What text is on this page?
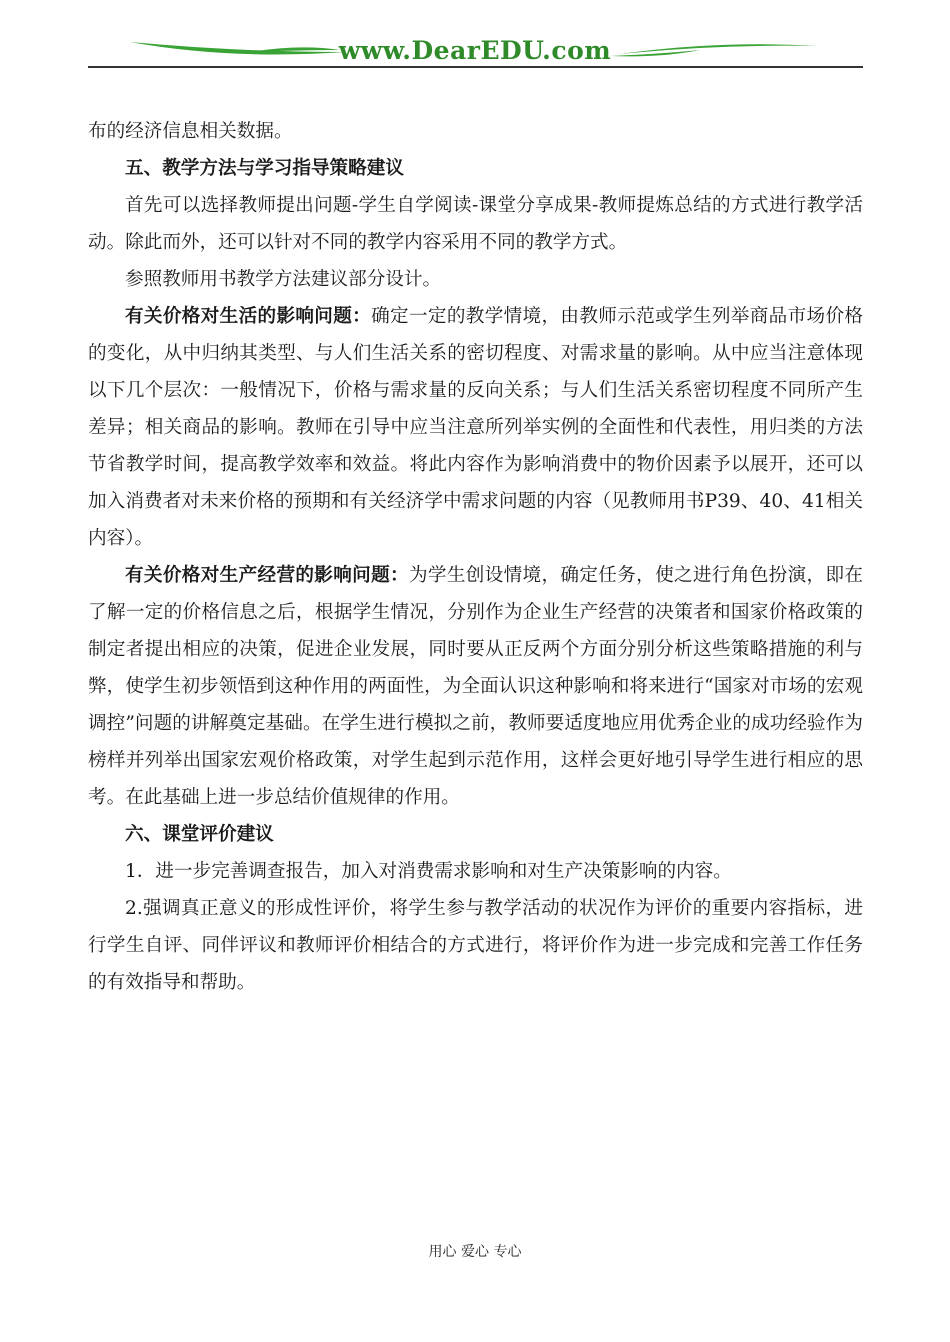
www.DearEDU.com

布的经济信息相关数据。

五、教学方法与学习指导策略建议

首先可以选择教师提出问题-学生自学阅读-课堂分享成果-教师提炼总结的方式进行教学活动。除此而外，还可以针对不同的教学内容采用不同的教学方式。

参照教师用书教学方法建议部分设计。

有关价格对生活的影响问题：确定一定的教学情境，由教师示范或学生列举商品市场价格的变化，从中归纳其类型、与人们生活关系的密切程度、对需求量的影响。从中应当注意体现以下几个层次：一般情况下，价格与需求量的反向关系；与人们生活关系密切程度不同所产生差异；相关商品的影响。教师在引导中应当注意所列举实例的全面性和代表性，用归类的方法节省教学时间，提高教学效率和效益。将此内容作为影响消费中的物价因素予以展开，还可以加入消费者对未来价格的预期和有关经济学中需求问题的内容（见教师用书P39、40、41相关内容）。

有关价格对生产经营的影响问题：为学生创设情境，确定任务，使之进行角色扮演，即在了解一定的价格信息之后，根据学生情况，分别作为企业生产经营的决策者和国家价格政策的制定者提出相应的决策，促进企业发展，同时要从正反两个方面分别分析这些策略措施的利与弊，使学生初步领悟到这种作用的两面性，为全面认识这种影响和将来进行“国家对市场的宏观调控”问题的讲解奠定基础。在学生进行模拟之前，教师要适度地应用优秀企业的成功经验作为榜样并列举出国家宏观价格政策，对学生起到示范作用，这样会更好地引导学生进行相应的思考。在此基础上进一步总结价值规律的作用。

六、课堂评价建议

1．进一步完善调查报告，加入对消费需求影响和对生产决策影响的内容。

2.强调真正意义的形成性评价，将学生参与教学活动的状况作为评价的重要内容指标，进行学生自评、同伴评议和教师评价相结合的方式进行，将评价作为进一步完成和完善工作任务的有效指导和帮助。

用心 爱心 专心
